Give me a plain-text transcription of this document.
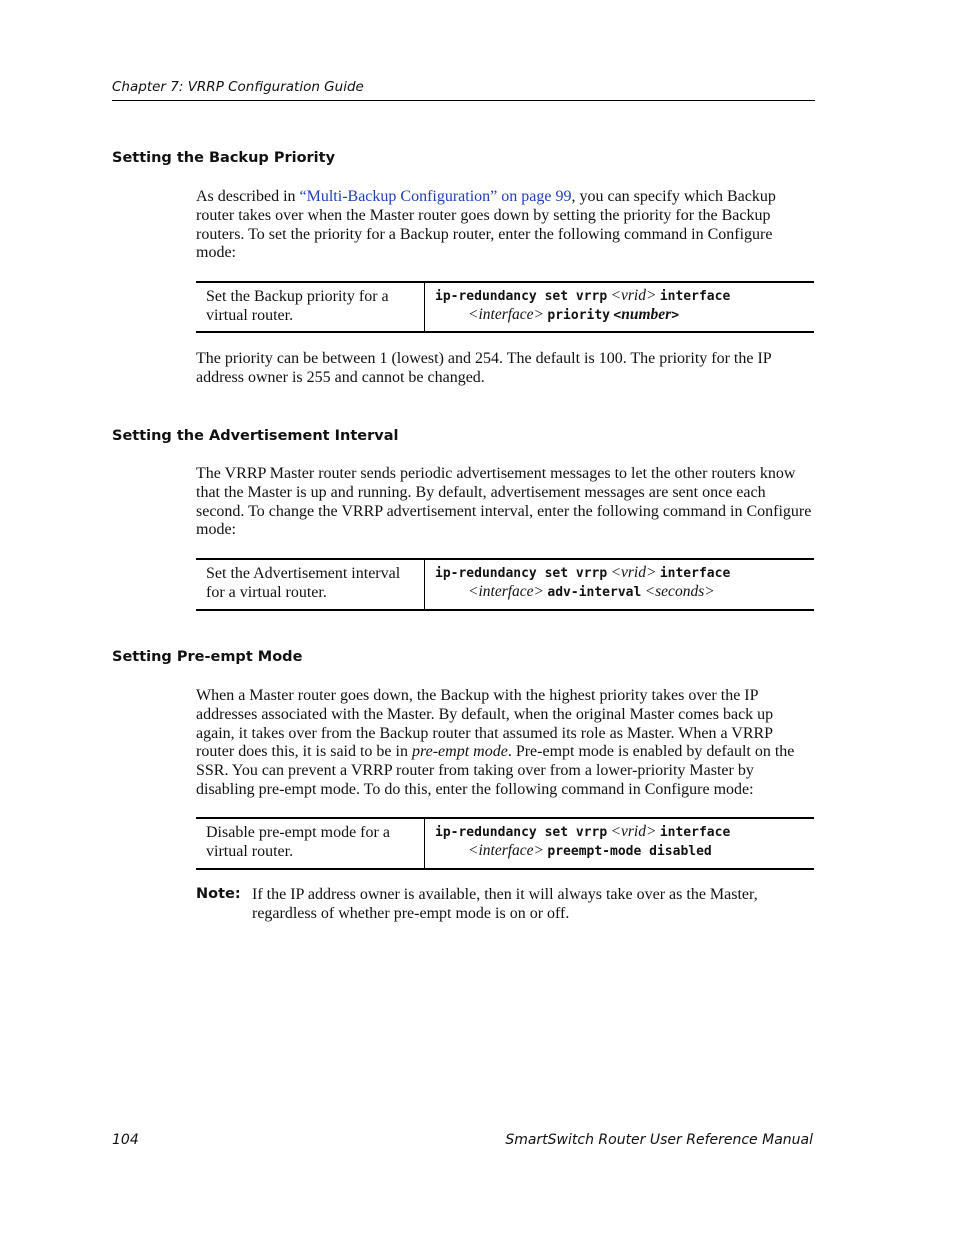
Chapter 7: VRRP Configuration Guide
Setting the Backup Priority

As described in “Multi-Backup Configuration” on page 99, you can specify which Backup router takes over when the Master router goes down by setting the priority for the Backup routers. To set the priority for a Backup router, enter the following command in Configure mode:

Set the Backup priority for a virtual router.
ip-redundancy set vrrp <vrid> interface
<interface> priority <number>

The priority can be between 1 (lowest) and 254. The default is 100. The priority for the IP address owner is 255 and cannot be changed.

Setting the Advertisement Interval

The VRRP Master router sends periodic advertisement messages to let the other routers know that the Master is up and running. By default, advertisement messages are sent once each second. To change the VRRP advertisement interval, enter the following command in Configure mode:

Set the Advertisement interval for a virtual router.
ip-redundancy set vrrp <vrid> interface
<interface> adv-interval <seconds>
Setting Pre-empt Mode

When a Master router goes down, the Backup with the highest priority takes over the IP addresses associated with the Master. By default, when the original Master comes back up again, it takes over from the Backup router that assumed its role as Master. When a VRRP router does this, it is said to be in pre-empt mode. Pre-empt mode is enabled by default on the SSR. You can prevent a VRRP router from taking over from a lower-priority Master by disabling pre-empt mode. To do this, enter the following command in Configure mode:

Disable pre-empt mode for a virtual router.
ip-redundancy set vrrp <vrid> interface
<interface> preempt-mode disabled
Note: If the IP address owner is available, then it will always take over as the Master, regardless of whether pre-empt mode is on or off.
104	SmartSwitch Router User Reference Manual
